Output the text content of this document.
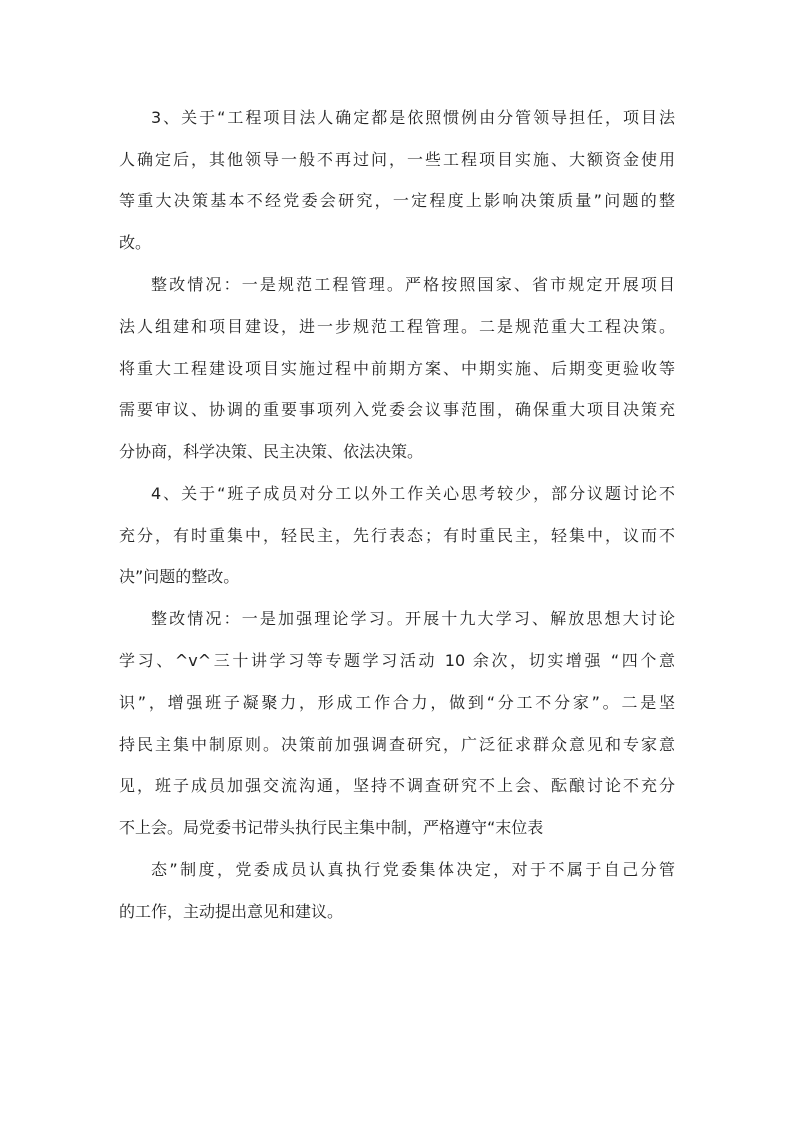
3、关于“工程项目法人确定都是依照惯例由分管领导担任，项目法
人确定后，其他领导一般不再过问，一些工程项目实施、大额资金使用
等重大决策基本不经党委会研究，一定程度上影响决策质量”问题的整
改。
整改情况：一是规范工程管理。严格按照国家、省市规定开展项目
法人组建和项目建设，进一步规范工程管理。二是规范重大工程决策。
将重大工程建设项目实施过程中前期方案、中期实施、后期变更验收等
需要审议、协调的重要事项列入党委会议事范围，确保重大项目决策充
分协商，科学决策、民主决策、依法决策。
4、关于“班子成员对分工以外工作关心思考较少，部分议题讨论不
充分，有时重集中，轻民主，先行表态；有时重民主，轻集中，议而不
决”问题的整改。
整改情况：一是加强理论学习。开展十九大学习、解放思想大讨论
学习、^v^三十讲学习等专题学习活动 10 余次，切实增强 “四个意
识”，增强班子凝聚力，形成工作合力，做到“分工不分家”。二是坚
持民主集中制原则。决策前加强调查研究，广泛征求群众意见和专家意
见，班子成员加强交流沟通，坚持不调查研究不上会、酝酿讨论不充分
不上会。局党委书记带头执行民主集中制，严格遵守“末位表
态”制度，党委成员认真执行党委集体决定，对于不属于自己分管
的工作，主动提出意见和建议。
